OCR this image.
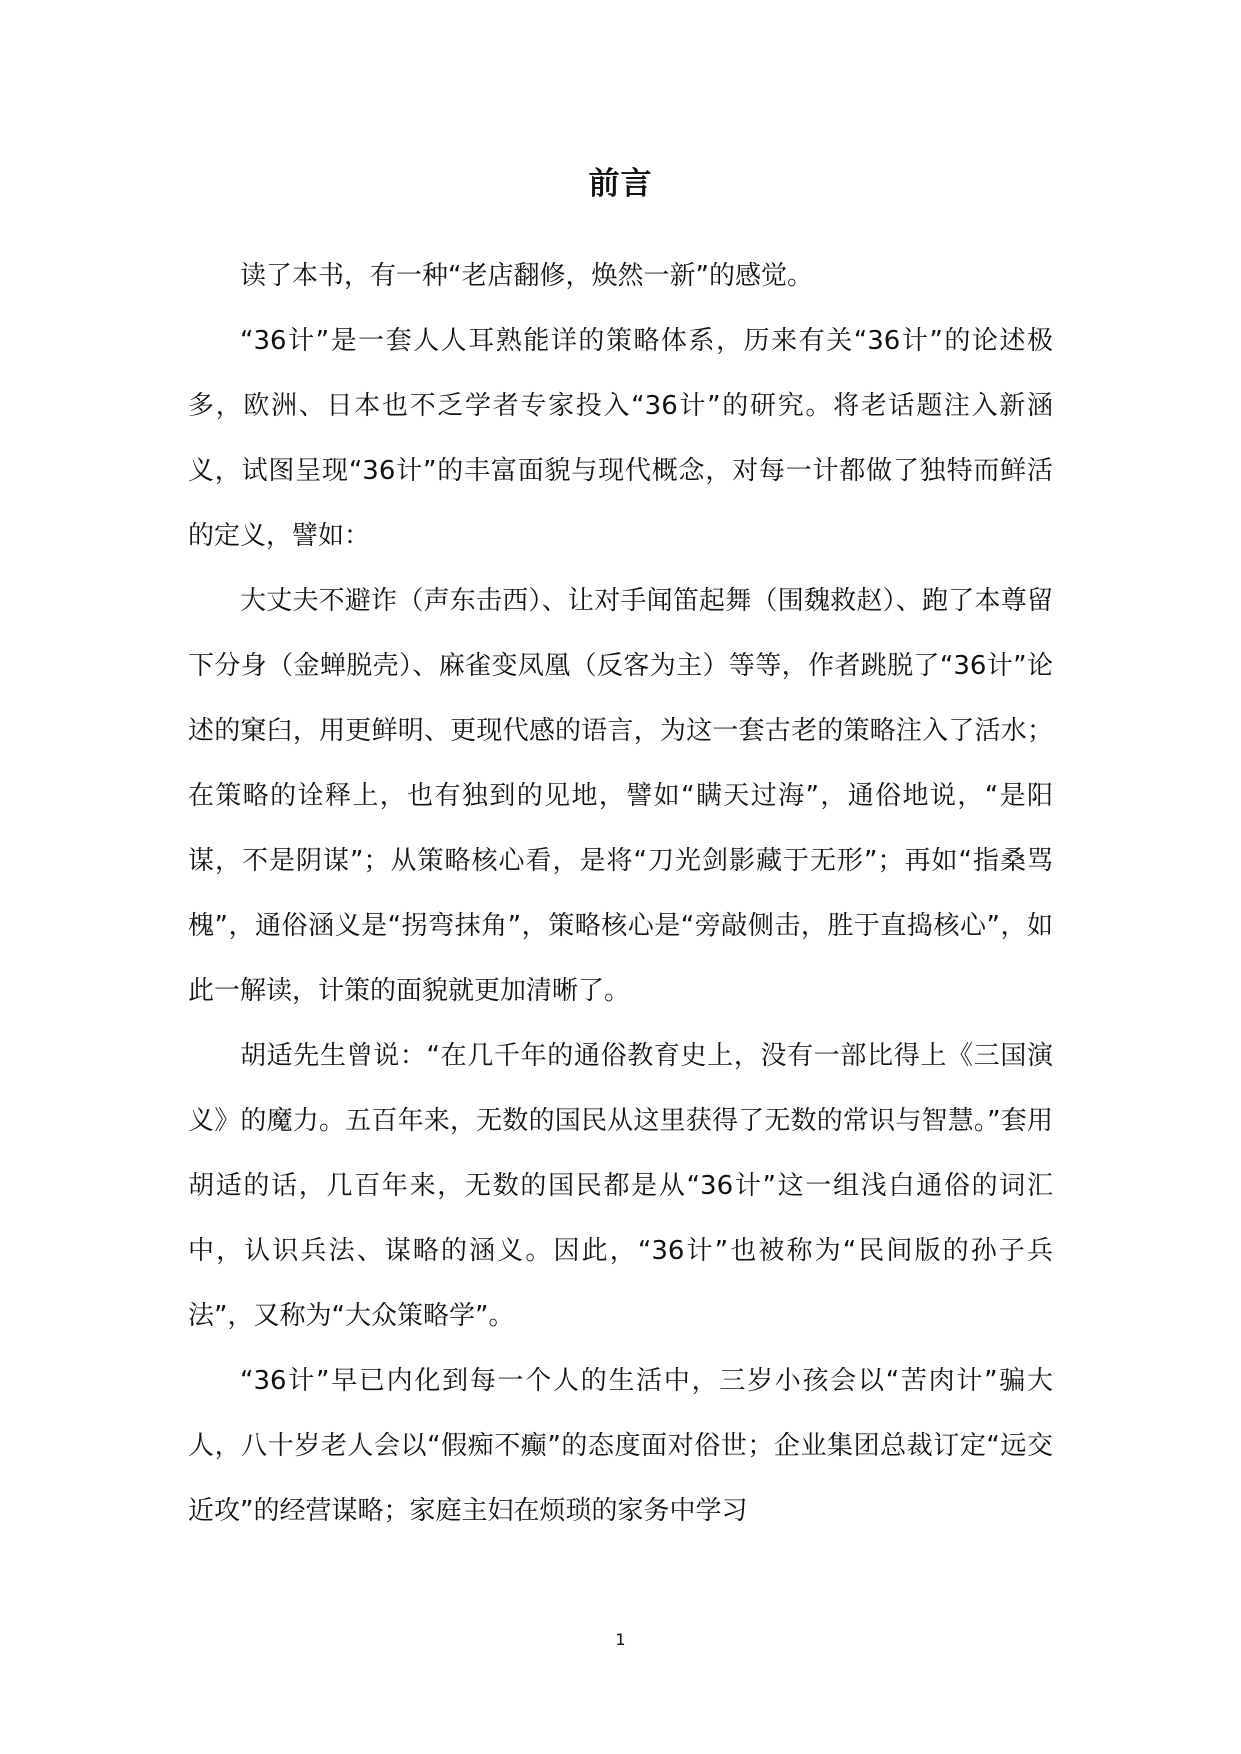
前言

读了本书，有一种“老店翻修，焕然一新”的感觉。

“36计”是一套人人耳熟能详的策略体系，历来有关“36计”的论述极多，欧洲、日本也不乏学者专家投入“36计”的研究。将老话题注入新涵义，试图呈现“36计”的丰富面貌与现代概念，对每一计都做了独特而鲜活的定义，譬如：

大丈夫不避诈（声东击西）、让对手闻笛起舞（围魏救赵）、跑了本尊留下分身（金蝉脱壳）、麻雀变凤凰（反客为主）等等，作者跳脱了“36计”论述的窠臼，用更鲜明、更现代感的语言，为这一套古老的策略注入了活水；在策略的诠释上，也有独到的见地，譬如“瞒天过海”，通俗地说，“是阳谋，不是阴谋”；从策略核心看，是将“刀光剑影藏于无形”；再如“指桑骂槐”，通俗涵义是“拐弯抹角”，策略核心是“旁敲侧击，胜于直捣核心”，如此一解读，计策的面貌就更加清晰了。

胡适先生曾说：“在几千年的通俗教育史上，没有一部比得上《三国演义》的魔力。五百年来，无数的国民从这里获得了无数的常识与智慧。”套用胡适的话，几百年来，无数的国民都是从“36计”这一组浅白通俗的词汇中，认识兵法、谋略的涵义。因此，“36计”也被称为“民间版的孙子兵法”，又称为“大众策略学”。

“36计”早已内化到每一个人的生活中，三岁小孩会以“苦肉计”骗大人，八十岁老人会以“假痴不癫”的态度面对俗世；企业集团总裁订定“远交近攻”的经营谋略；家庭主妇在烦琐的家务中学习

1
